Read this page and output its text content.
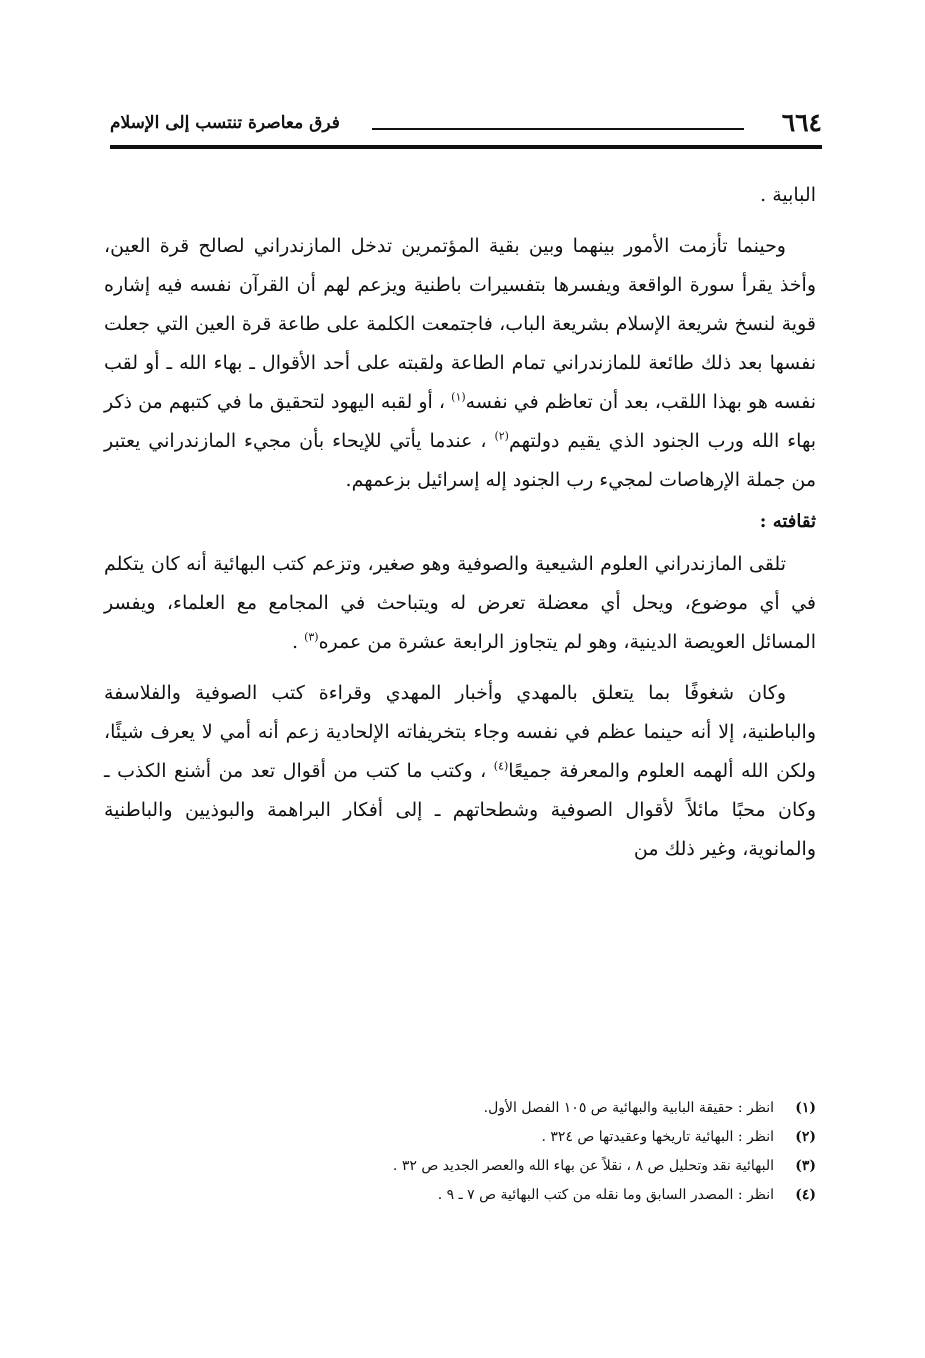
٦٦٤
فرق معاصرة تنتسب إلى الإسلام

البابية .

وحينما تأزمت الأمور بينهما وبين بقية المؤتمرين تدخل المازندراني لصالح قرة العين، وأخذ يقرأ سورة الواقعة ويفسرها بتفسيرات باطنية ويزعم لهم أن القرآن نفسه فيه إشاره قوية لنسخ شريعة الإسلام بشريعة الباب، فاجتمعت الكلمة على طاعة قرة العين التي جعلت نفسها بعد ذلك طائعة للمازندراني تمام الطاعة ولقبته على أحد الأقوال ـ بهاء الله ـ أو لقب نفسه هو بهذا اللقب، بعد أن تعاظم في نفسه$^{(١)}$ ، أو لقبه اليهود لتحقيق ما في كتبهم من ذكر بهاء الله ورب الجنود الذي يقيم دولتهم$^{(٢)}$ ، عندما يأتي للإيحاء بأن مجيء المازندراني يعتبر من جملة الإرهاصات لمجيء رب الجنود إله إسرائيل بزعمهم.

ثقافته :

تلقى المازندراني العلوم الشيعية والصوفية وهو صغير، وتزعم كتب البهائية أنه كان يتكلم في أي موضوع، ويحل أي معضلة تعرض له ويتباحث في المجامع مع العلماء، ويفسر المسائل العويصة الدينية، وهو لم يتجاوز الرابعة عشرة من عمره$^{(٣)}$ .

وكان شغوفًا بما يتعلق بالمهدي وأخبار المهدي وقراءة كتب الصوفية والفلاسفة والباطنية، إلا أنه حينما عظم في نفسه وجاء بتخريفاته الإلحادية زعم أنه أمي لا يعرف شيئًا، ولكن الله ألهمه العلوم والمعرفة جميعًا$^{(٤)}$ ، وكتب ما كتب من أقوال تعد من أشنع الكذب ـ وكان محبًا مائلاً لأقوال الصوفية وشطحاتهم ـ إلى أفكار البراهمة والبوذيين والباطنية والمانوية، وغير ذلك من

(١)
انظر : حقيقة البابية والبهائية ص ١٠٥ الفصل الأول.
(٢)
انظر : البهائية تاريخها وعقيدتها ص ٣٢٤ .
(٣)
البهائية نقد وتحليل ص ٨ ، نقلاً عن بهاء الله والعصر الجديد ص ٣٢ .
(٤)
انظر : المصدر السابق وما نقله من كتب البهائية ص ٧ ـ ٩ .
